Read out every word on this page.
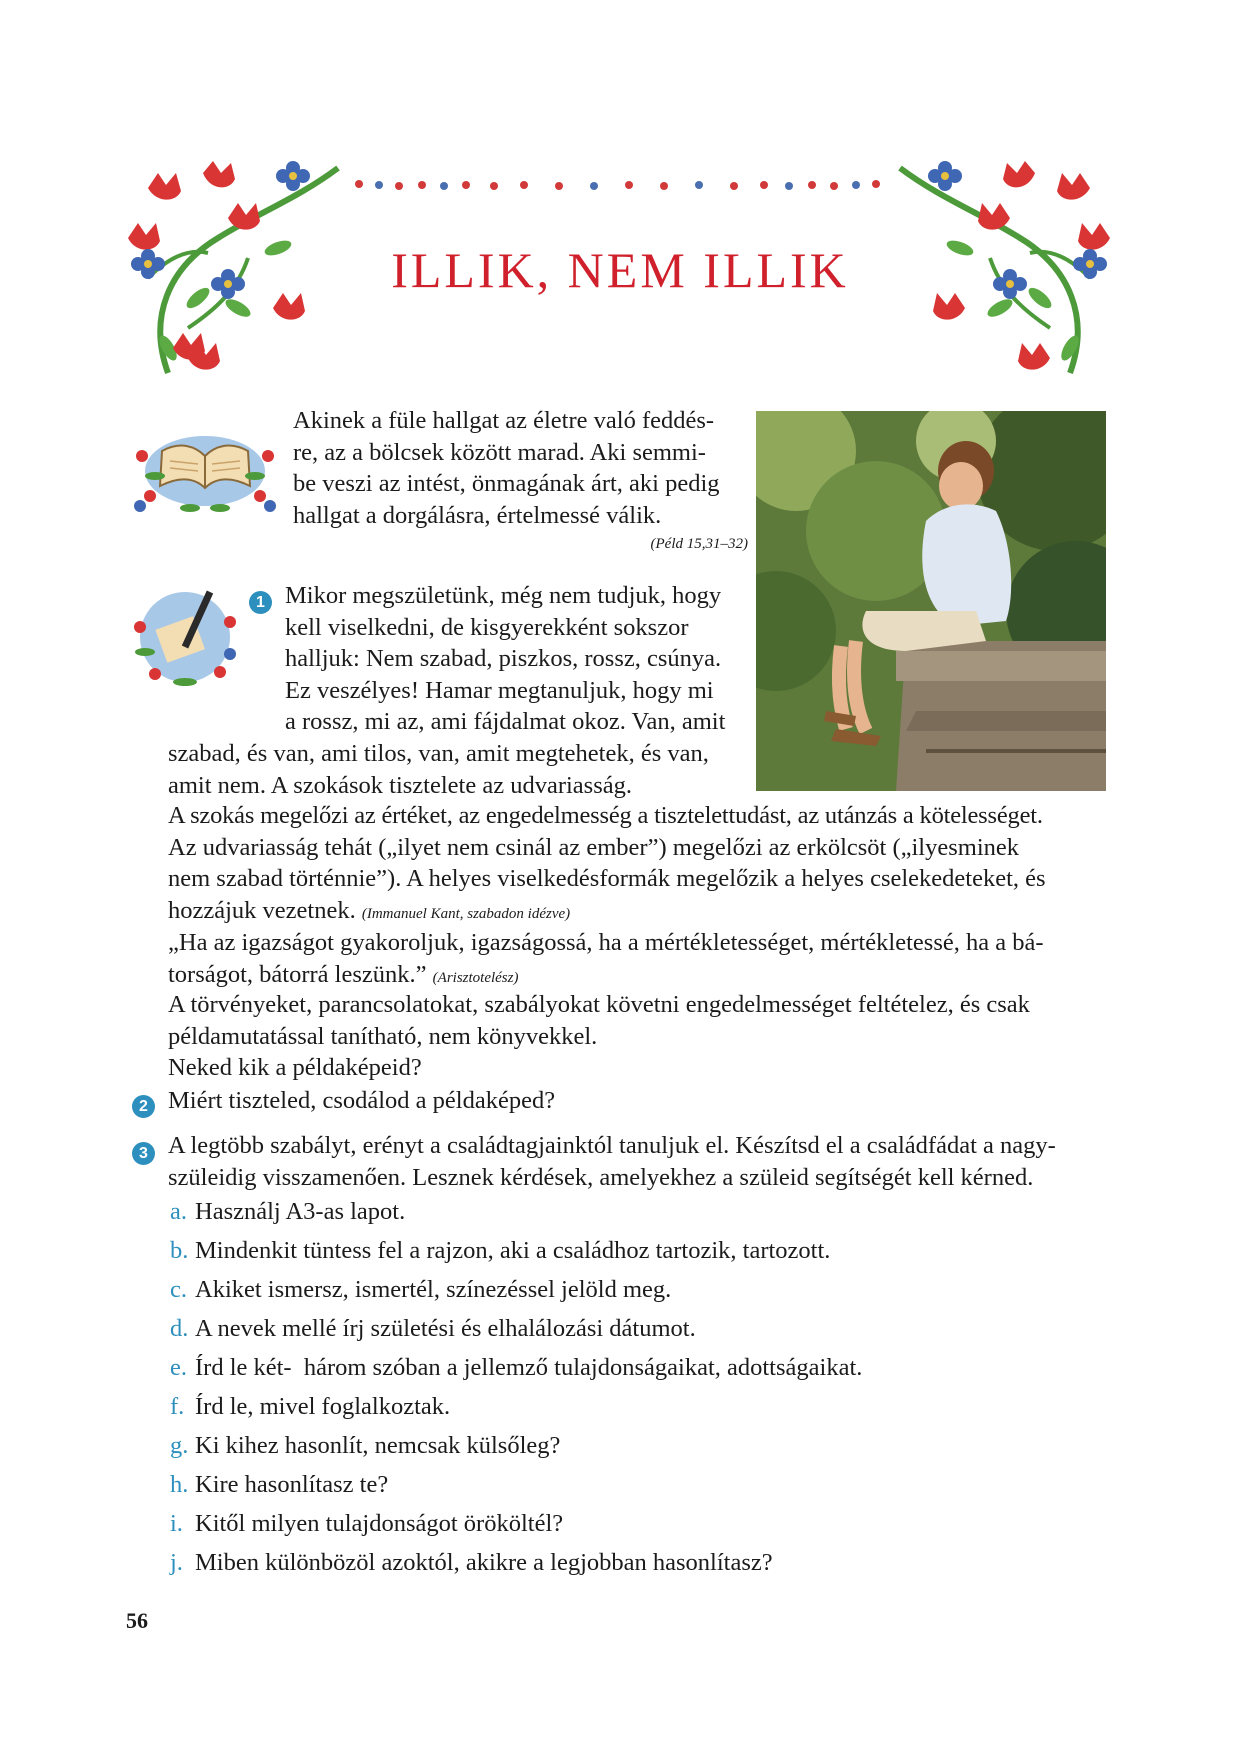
ILLIK, NEM ILLIK
Akinek a füle hallgat az életre való feddés-
re, az a bölcsek között marad. Aki semmi-
be veszi az intést, önmagának árt, aki pedig
hallgat a dorgálásra, értelmessé válik.
(Péld 15,31–32)
1 Mikor megszületünk, még nem tudjuk, hogy
kell viselkedni, de kisgyerekként sokszor
halljuk: Nem szabad, piszkos, rossz, csúnya.
Ez veszélyes! Hamar megtanuljuk, hogy mi
a rossz, mi az, ami fájdalmat okoz. Van, amit
szabad, és van, ami tilos, van, amit megtehetek, és van,
amit nem. A szokások tisztelete az udvariasság.
A szokás megelőzi az értéket, az engedelmesség a tisztelettudást, az utánzás a kötelességet.
Az udvariasság tehát („ilyet nem csinál az ember”) megelőzi az erkölcsöt („ilyesminek
nem szabad történnie”). A helyes viselkedésformák megelőzik a helyes cselekedeteket, és
hozzájuk vezetnek. (Immanuel Kant, szabadon idézve)
„Ha az igazságot gyakoroljuk, igazságossá, ha a mértékletességet, mértékletessé, ha a bá-
torságot, bátorrá leszünk.” (Arisztotelész)
A törvényeket, parancsolatokat, szabályokat követni engedelmességet feltételez, és csak
példamutatással tanítható, nem könyvekkel.
Neked kik a példaképeid?
2 Miért tiszteled, csodálod a példaképed?
3 A legtöbb szabályt, erényt a családtagjainktól tanuljuk el. Készítsd el a családfádat a nagy-
szüleidig visszamenően. Lesznek kérdések, amelyekhez a szüleid segítségét kell kérned.
a. Használj A3-as lapot.
b. Mindenkit tüntess fel a rajzon, aki a családhoz tartozik, tartozott.
c. Akiket ismersz, ismertél, színezéssel jelöld meg.
d. A nevek mellé írj születési és elhalálozási dátumot.
e. Írd le két-  három szóban a jellemző tulajdonságaikat, adottságaikat.
f. Írd le, mivel foglalkoztak.
g. Ki kihez hasonlít, nemcsak külsőleg?
h. Kire hasonlítasz te?
i. Kitől milyen tulajdonságot örököltél?
j. Miben különbözöl azoktól, akikre a legjobban hasonlítasz?
56
